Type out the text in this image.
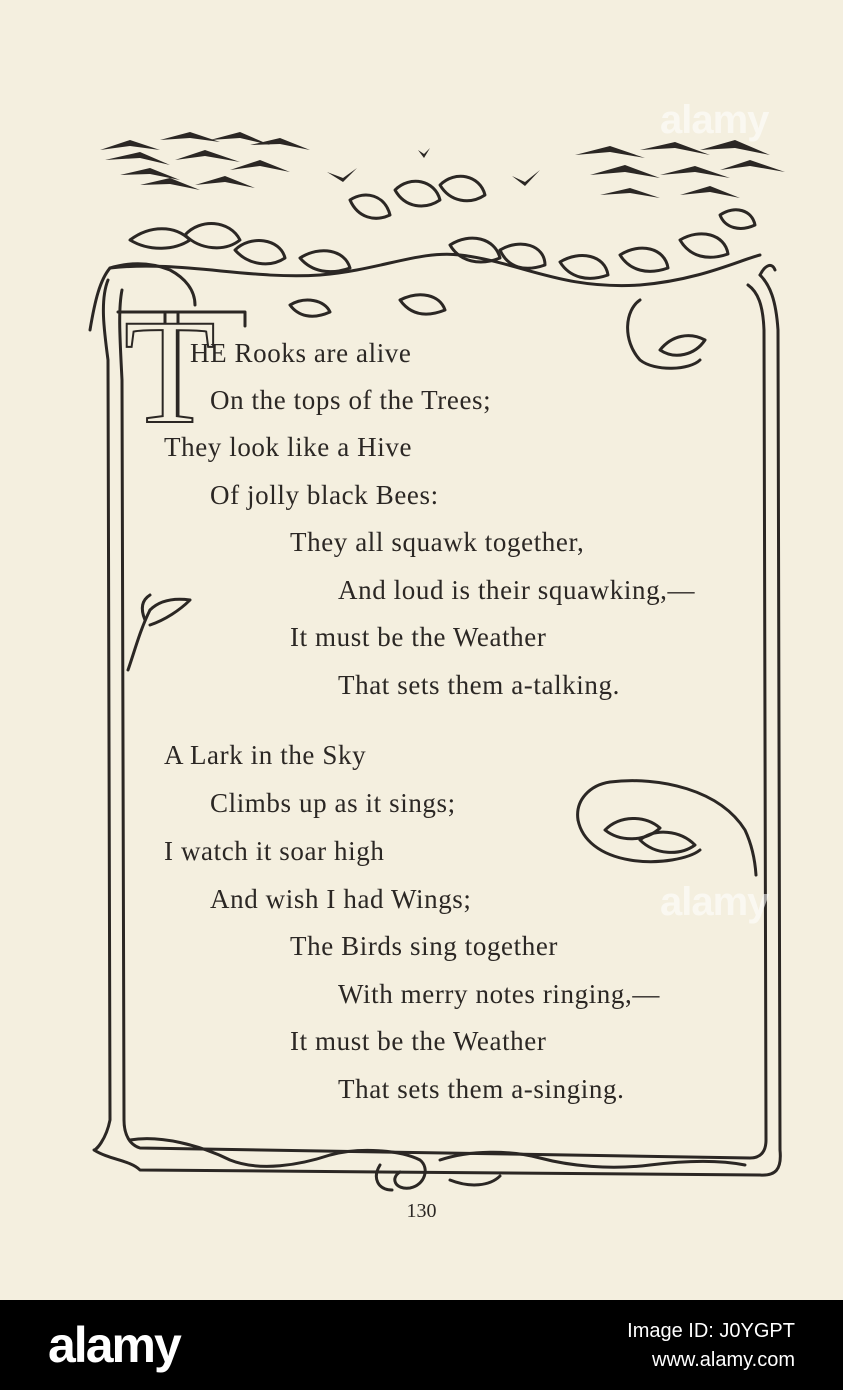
T
HE Rooks are alive
On the tops of the Trees;
They look like a Hive
Of jolly black Bees:
They all squawk together,
And loud is their squawking,—
It must be the Weather
That sets them a-talking.
A Lark in the Sky
Climbs up as it sings;
I watch it soar high
And wish I had Wings;
The Birds sing together
With merry notes ringing,—
It must be the Weather
That sets them a-singing.
130
alamy
alamy
alamy	Image ID: J0YGPT
www.alamy.com
